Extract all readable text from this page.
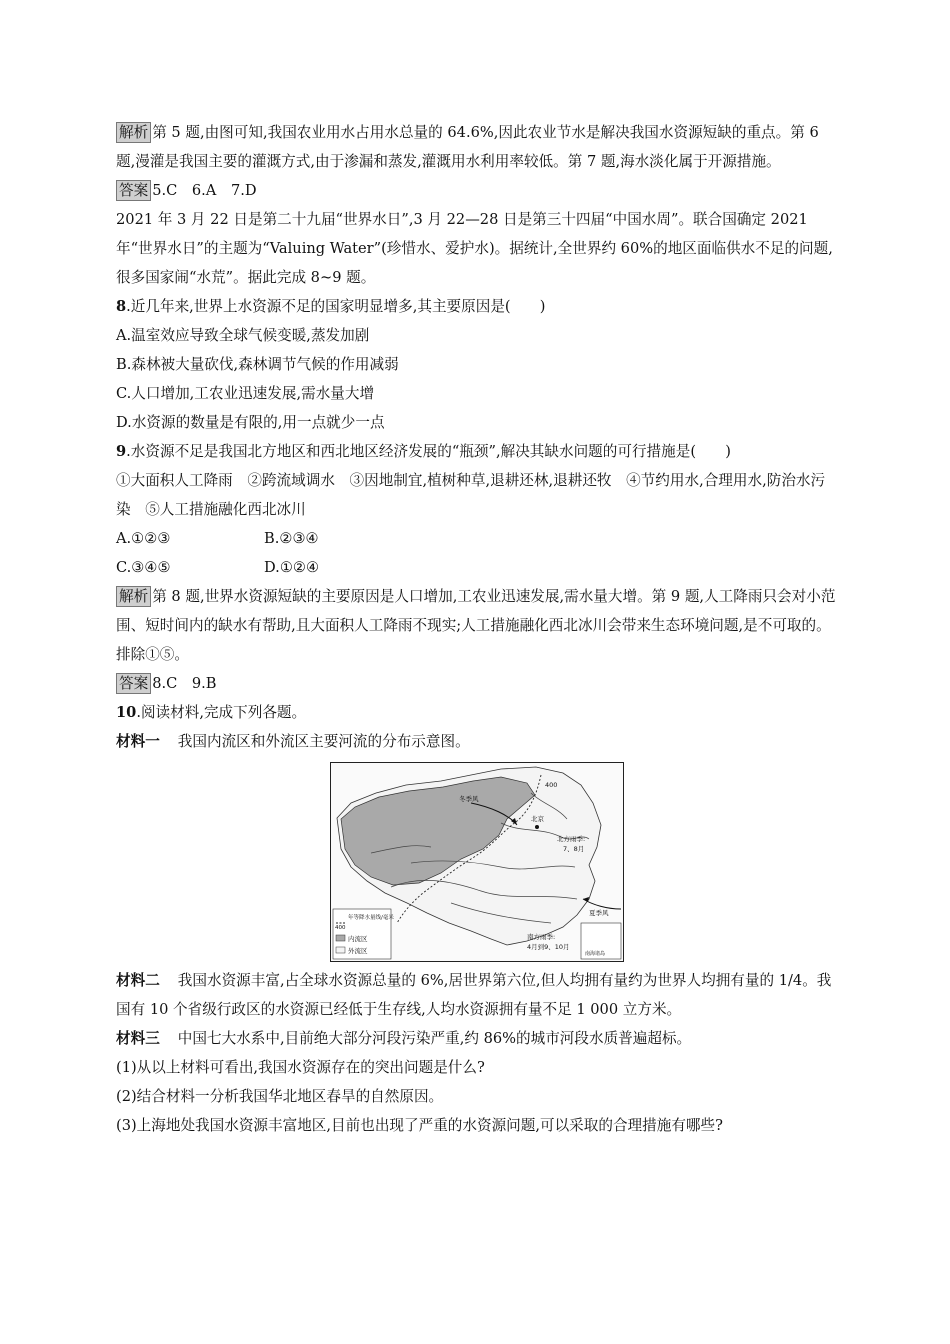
解析 第 5 题,由图可知,我国农业用水占用水总量的 64.6%,因此农业节水是解决我国水资源短缺的重点。第 6 题,漫灌是我国主要的灌溉方式,由于渗漏和蒸发,灌溉用水利用率较低。第 7 题,海水淡化属于开源措施。

答案 5.C　6.A　7.D

2021 年 3 月 22 日是第二十九届“世界水日”,3 月 22—28 日是第三十四届“中国水周”。联合国确定 2021 年“世界水日”的主题为“Valuing Water”(珍惜水、爱护水)。据统计,全世界约 60%的地区面临供水不足的问题,很多国家闹“水荒”。据此完成 8~9 题。

8.近几年来,世界上水资源不足的国家明显增多,其主要原因是(　　)

A.温室效应导致全球气候变暖,蒸发加剧

B.森林被大量砍伐,森林调节气候的作用减弱

C.人口增加,工农业迅速发展,需水量大增

D.水资源的数量是有限的,用一点就少一点

9.水资源不足是我国北方地区和西北地区经济发展的“瓶颈”,解决其缺水问题的可行措施是(　　)

①大面积人工降雨　②跨流域调水　③因地制宜,植树种草,退耕还林,退耕还牧　④节约用水,合理用水,防治水污染　⑤人工措施融化西北冰川

A.①②③	B.②③④

C.③④⑤	D.①②④

解析 第 8 题,世界水资源短缺的主要原因是人口增加,工农业迅速发展,需水量大增。第 9 题,人工降雨只会对小范围、短时间内的缺水有帮助,且大面积人工降雨不现实;人工措施融化西北冰川会带来生态环境问题,是不可取的。排除①⑤。

答案 8.C　9.B

10.阅读材料,完成下列各题。

材料一 我国内流区和外流区主要河流的分布示意图。

400
冬季风
北京
北方雨季:
7、8月
夏季风
南方雨季:
4月到9、10月
南海诸岛
400
年等降水量线/毫米
内流区
外流区

材料二 我国水资源丰富,占全球水资源总量的 6%,居世界第六位,但人均拥有量约为世界人均拥有量的 1/4。我国有 10 个省级行政区的水资源已经低于生存线,人均水资源拥有量不足 1 000 立方米。

材料三 中国七大水系中,目前绝大部分河段污染严重,约 86%的城市河段水质普遍超标。

(1)从以上材料可看出,我国水资源存在的突出问题是什么?

(2)结合材料一分析我国华北地区春旱的自然原因。

(3)上海地处我国水资源丰富地区,目前也出现了严重的水资源问题,可以采取的合理措施有哪些?
